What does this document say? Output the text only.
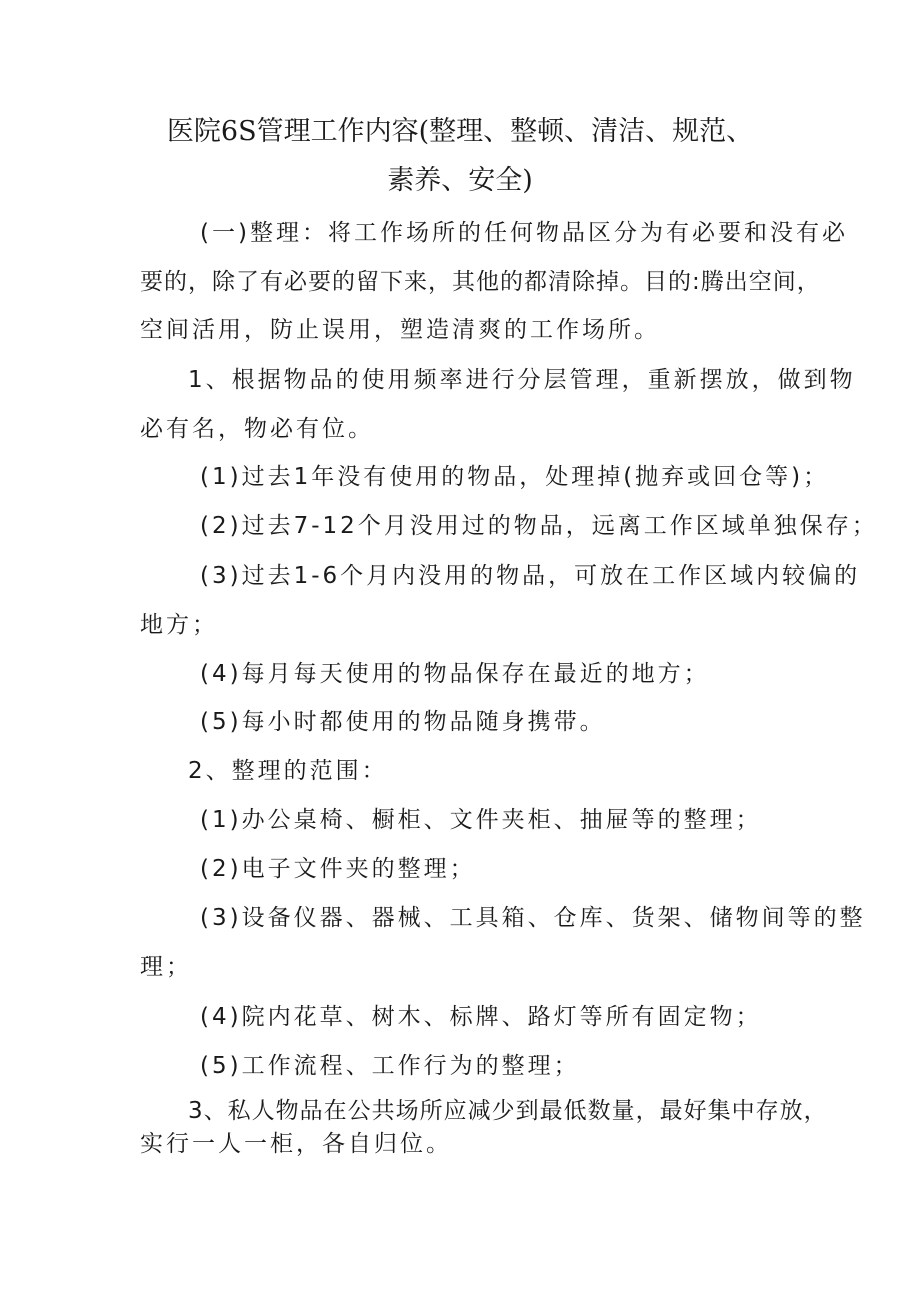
医院6S管理工作内容(整理、整顿、清洁、规范、
素养、安全)
(一)整理：将工作场所的任何物品区分为有必要和没有必
要的，除了有必要的留下来，其他的都清除掉。目的:腾出空间，
空间活用，防止误用，塑造清爽的工作场所。
1、根据物品的使用频率进行分层管理，重新摆放，做到物
必有名，物必有位。
(1)过去1年没有使用的物品，处理掉(抛弃或回仓等)；
(2)过去7-12个月没用过的物品，远离工作区域单独保存；
(3)过去1-6个月内没用的物品，可放在工作区域内较偏的
地方；
(4)每月每天使用的物品保存在最近的地方；
(5)每小时都使用的物品随身携带。
2、整理的范围：
(1)办公桌椅、橱柜、文件夹柜、抽屉等的整理；
(2)电子文件夹的整理；
(3)设备仪器、器械、工具箱、仓库、货架、储物间等的整
理；
(4)院内花草、树木、标牌、路灯等所有固定物；
(5)工作流程、工作行为的整理；
3、私人物品在公共场所应减少到最低数量，最好集中存放，
实行一人一柜，各自归位。
